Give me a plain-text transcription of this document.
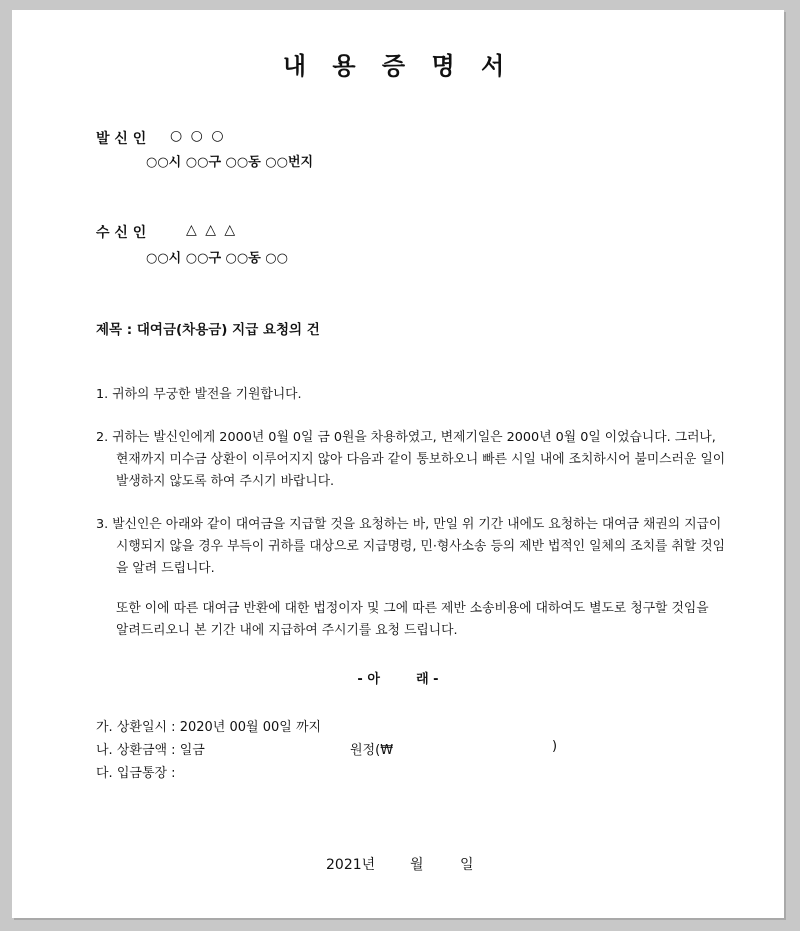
내 용 증 명 서
발 신 인 ○ ○ ○
○○시 ○○구 ○○동 ○○번지
수 신 인	△ △ △
○○시 ○○구 ○○동 ○○
제목 : 대여금(차용금) 지급 요청의 건
1. 귀하의 무궁한 발전을 기원합니다.
2. 귀하는 발신인에게 2000년 0월 0일 금 0원을 차용하였고, 변제기일은 2000년 0월 0일 이었습니다. 그러나, 현재까지 미수금 상환이 이루어지지 않아 다음과 같이 통보하오니 빠른 시일 내에 조치하시어 불미스러운 일이 발생하지 않도록 하여 주시기 바랍니다.
3. 발신인은 아래와 같이 대여금을 지급할 것을 요청하는 바, 만일 위 기간 내에도 요청하는 대여금 채권의 지급이 시행되지 않을 경우 부득이 귀하를 대상으로 지급명령, 민·형사소송 등의 제반 법적인 일체의 조치를 취할 것임을 알려 드립니다.
또한 이에 따른 대여금 반환에 대한 법정이자 및 그에 따른 제반 소송비용에 대하여도 별도로 청구할 것임을 알려드리오니 본 기간 내에 지급하여 주시기를 요청 드립니다.
- 아        래 -
가. 상환일시 : 2020년 00월 00일 까지
나. 상환금액 : 일금	원정(₩	)
다. 입금통장 :
2021년 월	일
